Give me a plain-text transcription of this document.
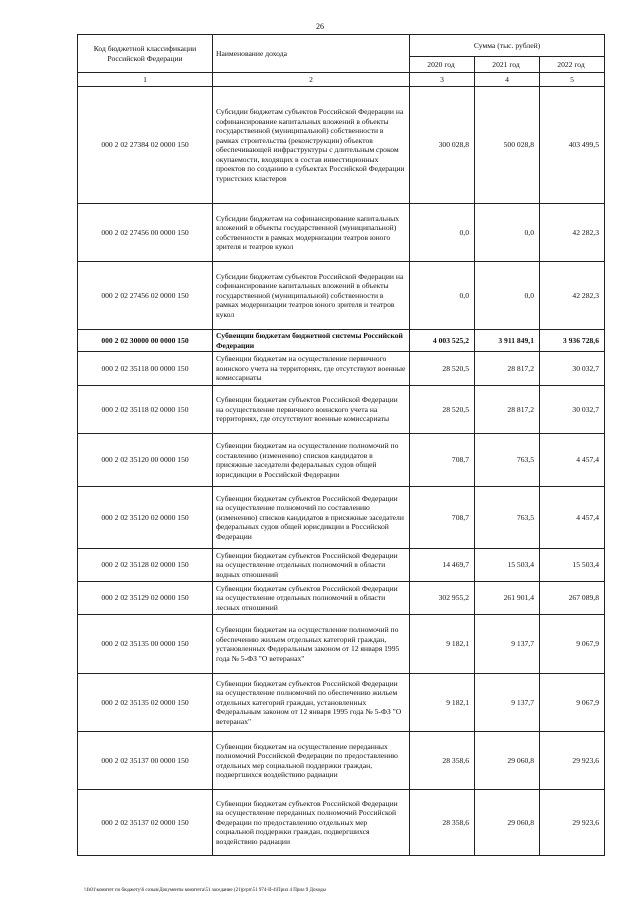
26
Код бюджетной классификации Российской Федерации	Наименование дохода	Сумма (тыс. рублей)		
		2020 год	2021 год	2022 год
1	2	3	4	5
000 2 02 27384 02 0000 150	Субсидии бюджетам субъектов Российской Федерации на софинансирование капитальных вложений в объекты государственной (муниципальной) собственности в рамках строительства (реконструкции) объектов обеспечивающей инфраструктуры с длительным сроком окупаемости, входящих в состав инвестиционных проектов по созданию в субъектах Российской Федерации туристских кластеров	300 028,8	500 028,8	403 499,5
000 2 02 27456 00 0000 150	Субсидии бюджетам на софинансирование капитальных вложений в объекты государственной (муниципальной) собственности в рамках модернизации театров юного зрителя и театров кукол	0,0	0,0	42 282,3
000 2 02 27456 02 0000 150	Субсидии бюджетам субъектов Российской Федерации на софинансирование капитальных вложений в объекты государственной (муниципальной) собственности в рамках модернизации театров юного зрителя и театров кукол	0,0	0,0	42 282,3
000 2 02 30000 00 0000 150	Субвенции бюджетам бюджетной системы Российской Федерации	4 003 525,2	3 911 849,1	3 936 728,6
000 2 02 35118 00 0000 150	Субвенции бюджетам на осуществление первичного воинского учета на территориях, где отсутствуют военные комиссариаты	28 520,5	28 817,2	30 032,7
000 2 02 35118 02 0000 150	Субвенции бюджетам субъектов Российской Федерации на осуществление первичного воинского учета на территориях, где отсутствуют военные комиссариаты	28 520,5	28 817,2	30 032,7
000 2 02 35120 00 0000 150	Субвенции бюджетам на осуществление полномочий по составлению (изменению) списков кандидатов в присяжные заседатели федеральных судов общей юрисдикции в Российской Федерации	708,7	763,5	4 457,4
000 2 02 35120 02 0000 150	Субвенции бюджетам субъектов Российской Федерации на осуществление полномочий по составлению (изменению) списков кандидатов в присяжные заседатели федеральных судов общей юрисдикции в Российской Федерации	708,7	763,5	4 457,4
000 2 02 35128 02 0000 150	Субвенции бюджетам субъектов Российской Федерации на осуществление отдельных полномочий в области водных отношений	14 469,7	15 503,4	15 503,4
000 2 02 35129 02 0000 150	Субвенции бюджетам субъектов Российской Федерации на осуществление отдельных полномочий в области лесных отношений	302 955,2	261 901,4	267 089,8
000 2 02 35135 00 0000 150	Субвенции бюджетам на осуществление полномочий по обеспечению жильем отдельных категорий граждан, установленных Федеральным законом от 12 января 1995 года № 5-ФЗ "О ветеранах"	9 182,1	9 137,7	9 067,9
000 2 02 35135 02 0000 150	Субвенции бюджетам субъектов Российской Федерации на осуществление полномочий по обеспечению жильем отдельных категорий граждан, установленных Федеральным законом от 12 января 1995 года № 5-ФЗ "О ветеранах"	9 182,1	9 137,7	9 067,9
000 2 02 35137 00 0000 150	Субвенции бюджетам на осуществление переданных полномочий Российской Федерации по предоставлению отдельных мер социальной поддержки граждан, подвергшихся воздействию радиации	28 358,6	29 060,8	29 923,6
000 2 02 35137 02 0000 150	Субвенции бюджетам субъектов Российской Федерации на осуществление переданных полномочий Российской Федерации по предоставлению отдельных мер социальной поддержки граждан, подвергшихся воздействию радиации	28 358,6	29 060,8	29 923,6
\\fs01\комитет по бюджету\6 созыв\Документы комитета\51 заседание (21)р\рп\51 974-II-4\Прил 4 Прил 9 Доходы
